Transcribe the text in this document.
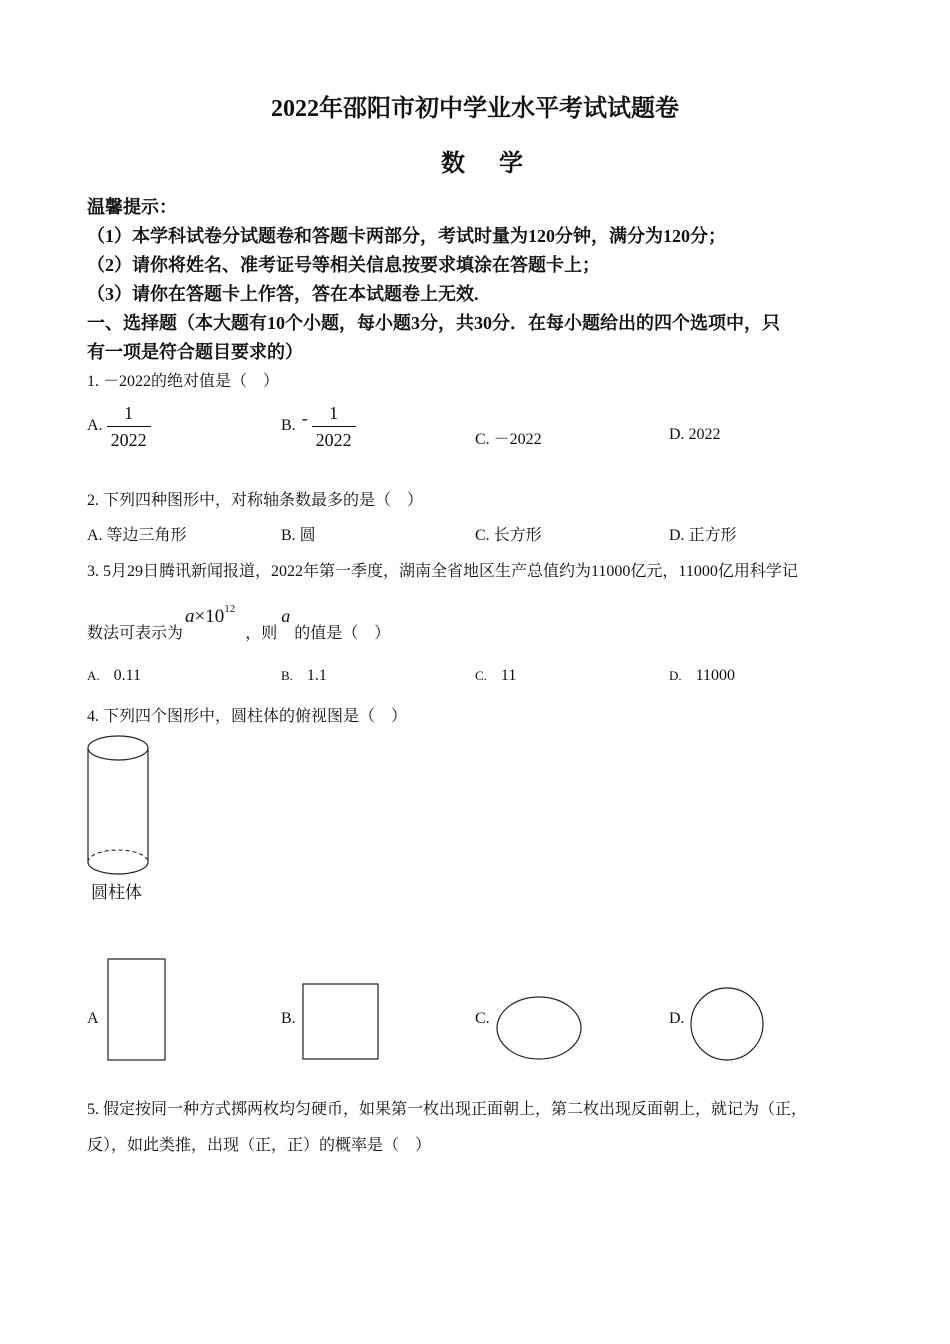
2022年邵阳市初中学业水平考试试题卷
数 学
温馨提示：
（1）本学科试卷分试题卷和答题卡两部分，考试时量为120分钟，满分为120分；
（2）请你将姓名、准考证号等相关信息按要求填涂在答题卡上；
（3）请你在答题卡上作答，答在本试题卷上无效.
一、选择题（本大题有10个小题，每小题3分，共30分．在每小题给出的四个选项中，只
有一项是符合题目要求的）
1. －2022的绝对值是（　）
A. $\frac{1}{2022}$	B. - $\frac{1}{2022}$	C. －2022	D. 2022
2. 下列四种图形中，对称轴条数最多的是（　）
A. 等边三角形	B. 圆	C. 长方形	D. 正方形
3. 5月29日腾讯新闻报道，2022年第一季度，湖南全省地区生产总值约为11000亿元，11000亿用科学记
数法可表示为$a\times 10^{12}$，则a的值是（　）
A. 0.11	B. 1.1	C. 11	D. 11000
4. 下列四个图形中，圆柱体的俯视图是（　）
圆柱体
A	B.	C.	D.
5. 假定按同一种方式掷两枚均匀硬币，如果第一枚出现正面朝上，第二枚出现反面朝上，就记为（正，
反），如此类推，出现（正，正）的概率是（　）
